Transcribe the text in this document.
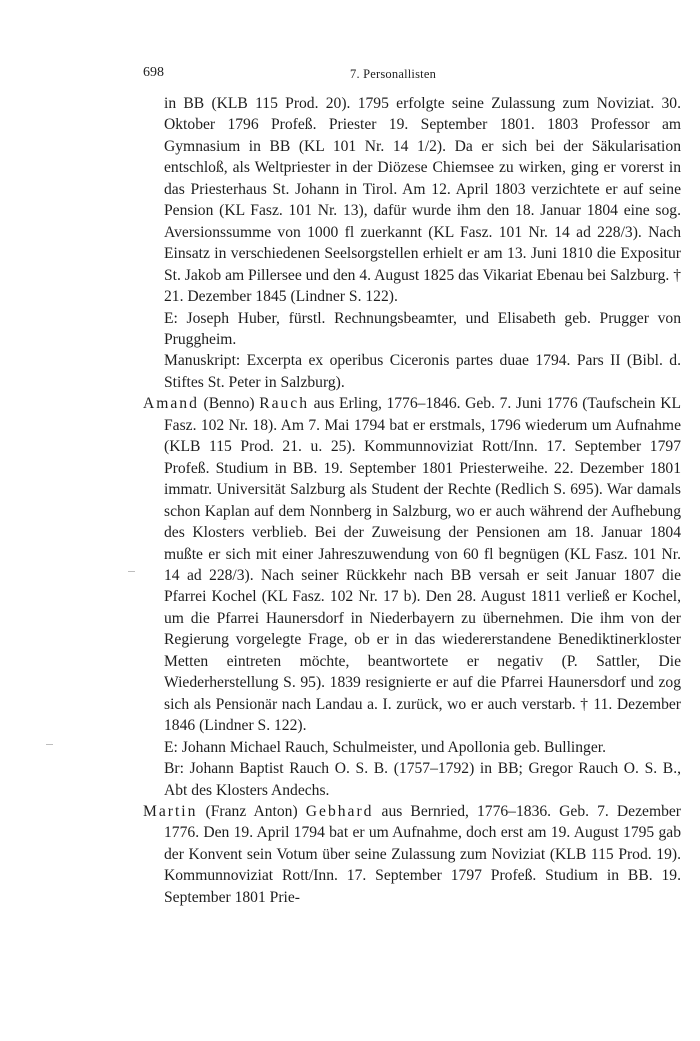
698	7. Personallisten

in BB (KLB 115 Prod. 20). 1795 erfolgte seine Zulassung zum Noviziat. 30. Oktober 1796 Profeß. Priester 19. September 1801. 1803 Professor am Gymnasium in BB (KL 101 Nr. 14 1/2). Da er sich bei der Säkularisation entschloß, als Weltpriester in der Diözese Chiemsee zu wirken, ging er vorerst in das Priesterhaus St. Johann in Tirol. Am 12. April 1803 verzichtete er auf seine Pension (KL Fasz. 101 Nr. 13), dafür wurde ihm den 18. Januar 1804 eine sog. Aversionssumme von 1000 fl zuerkannt (KL Fasz. 101 Nr. 14 ad 228/3). Nach Einsatz in verschiedenen Seelsorgstellen erhielt er am 13. Juni 1810 die Expositur St. Jakob am Pillersee und den 4. August 1825 das Vikariat Ebenau bei Salzburg. † 21. Dezember 1845 (Lindner S. 122).

E: Joseph Huber, fürstl. Rechnungsbeamter, und Elisabeth geb. Prugger von Pruggheim.

Manuskript: Excerpta ex operibus Ciceronis partes duae 1794. Pars II (Bibl. d. Stiftes St. Peter in Salzburg).

Amand (Benno) Rauch aus Erling, 1776–1846. Geb. 7. Juni 1776 (Taufschein KL Fasz. 102 Nr. 18). Am 7. Mai 1794 bat er erstmals, 1796 wiederum um Aufnahme (KLB 115 Prod. 21. u. 25). Kommunnoviziat Rott/Inn. 17. September 1797 Profeß. Studium in BB. 19. September 1801 Priesterweihe. 22. Dezember 1801 immatr. Universität Salzburg als Student der Rechte (Redlich S. 695). War damals schon Kaplan auf dem Nonnberg in Salzburg, wo er auch während der Aufhebung des Klosters verblieb. Bei der Zuweisung der Pensionen am 18. Januar 1804 mußte er sich mit einer Jahreszuwendung von 60 fl begnügen (KL Fasz. 101 Nr. 14 ad 228/3). Nach seiner Rückkehr nach BB versah er seit Januar 1807 die Pfarrei Kochel (KL Fasz. 102 Nr. 17 b). Den 28. August 1811 verließ er Kochel, um die Pfarrei Haunersdorf in Niederbayern zu übernehmen. Die ihm von der Regierung vorgelegte Frage, ob er in das wiedererstandene Benediktinerkloster Metten eintreten möchte, beantwortete er negativ (P. Sattler, Die Wiederherstellung S. 95). 1839 resignierte er auf die Pfarrei Haunersdorf und zog sich als Pensionär nach Landau a. I. zurück, wo er auch verstarb. † 11. Dezember 1846 (Lindner S. 122).

E: Johann Michael Rauch, Schulmeister, und Apollonia geb. Bullinger.

Br: Johann Baptist Rauch O. S. B. (1757–1792) in BB; Gregor Rauch O. S. B., Abt des Klosters Andechs.

Martin (Franz Anton) Gebhard aus Bernried, 1776–1836. Geb. 7. Dezember 1776. Den 19. April 1794 bat er um Aufnahme, doch erst am 19. August 1795 gab der Konvent sein Votum über seine Zulassung zum Noviziat (KLB 115 Prod. 19). Kommunnoviziat Rott/Inn. 17. September 1797 Profeß. Studium in BB. 19. September 1801 Prie-
